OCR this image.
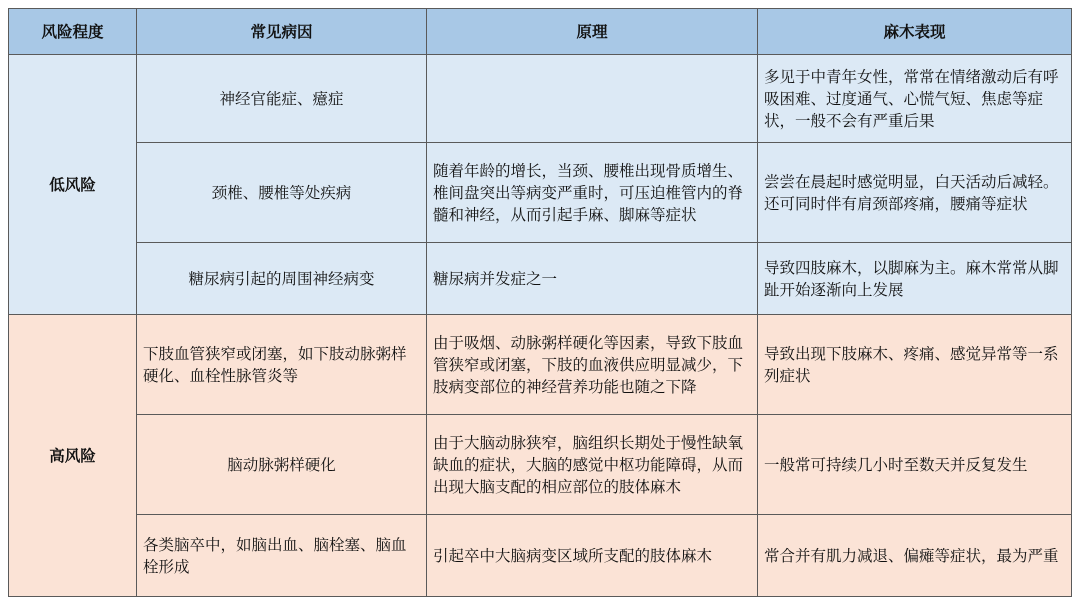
风险程度	常见病因	原理	麻木表现
低风险	神经官能症、癔症		多见于中青年女性，常常在情绪激动后有呼吸困难、过度通气、心慌气短、焦虑等症状，一般不会有严重后果
	颈椎、腰椎等处疾病	随着年龄的增长，当颈、腰椎出现骨质增生、椎间盘突出等病变严重时，可压迫椎管内的脊髓和神经，从而引起手麻、脚麻等症状	尝尝在晨起时感觉明显，白天活动后减轻。还可同时伴有肩颈部疼痛，腰痛等症状
	糖尿病引起的周围神经病变	糖尿病并发症之一	导致四肢麻木，以脚麻为主。麻木常常从脚趾开始逐渐向上发展
高风险	下肢血管狭窄或闭塞，如下肢动脉粥样硬化、血栓性脉管炎等	由于吸烟、动脉粥样硬化等因素，导致下肢血管狭窄或闭塞，下肢的血液供应明显减少，下肢病变部位的神经营养功能也随之下降	导致出现下肢麻木、疼痛、感觉异常等一系列症状
	脑动脉粥样硬化	由于大脑动脉狭窄，脑组织长期处于慢性缺氧缺血的症状，大脑的感觉中枢功能障碍，从而出现大脑支配的相应部位的肢体麻木	一般常可持续几小时至数天并反复发生
	各类脑卒中，如脑出血、脑栓塞、脑血栓形成	引起卒中大脑病变区域所支配的肢体麻木	常合并有肌力减退、偏瘫等症状，最为严重
